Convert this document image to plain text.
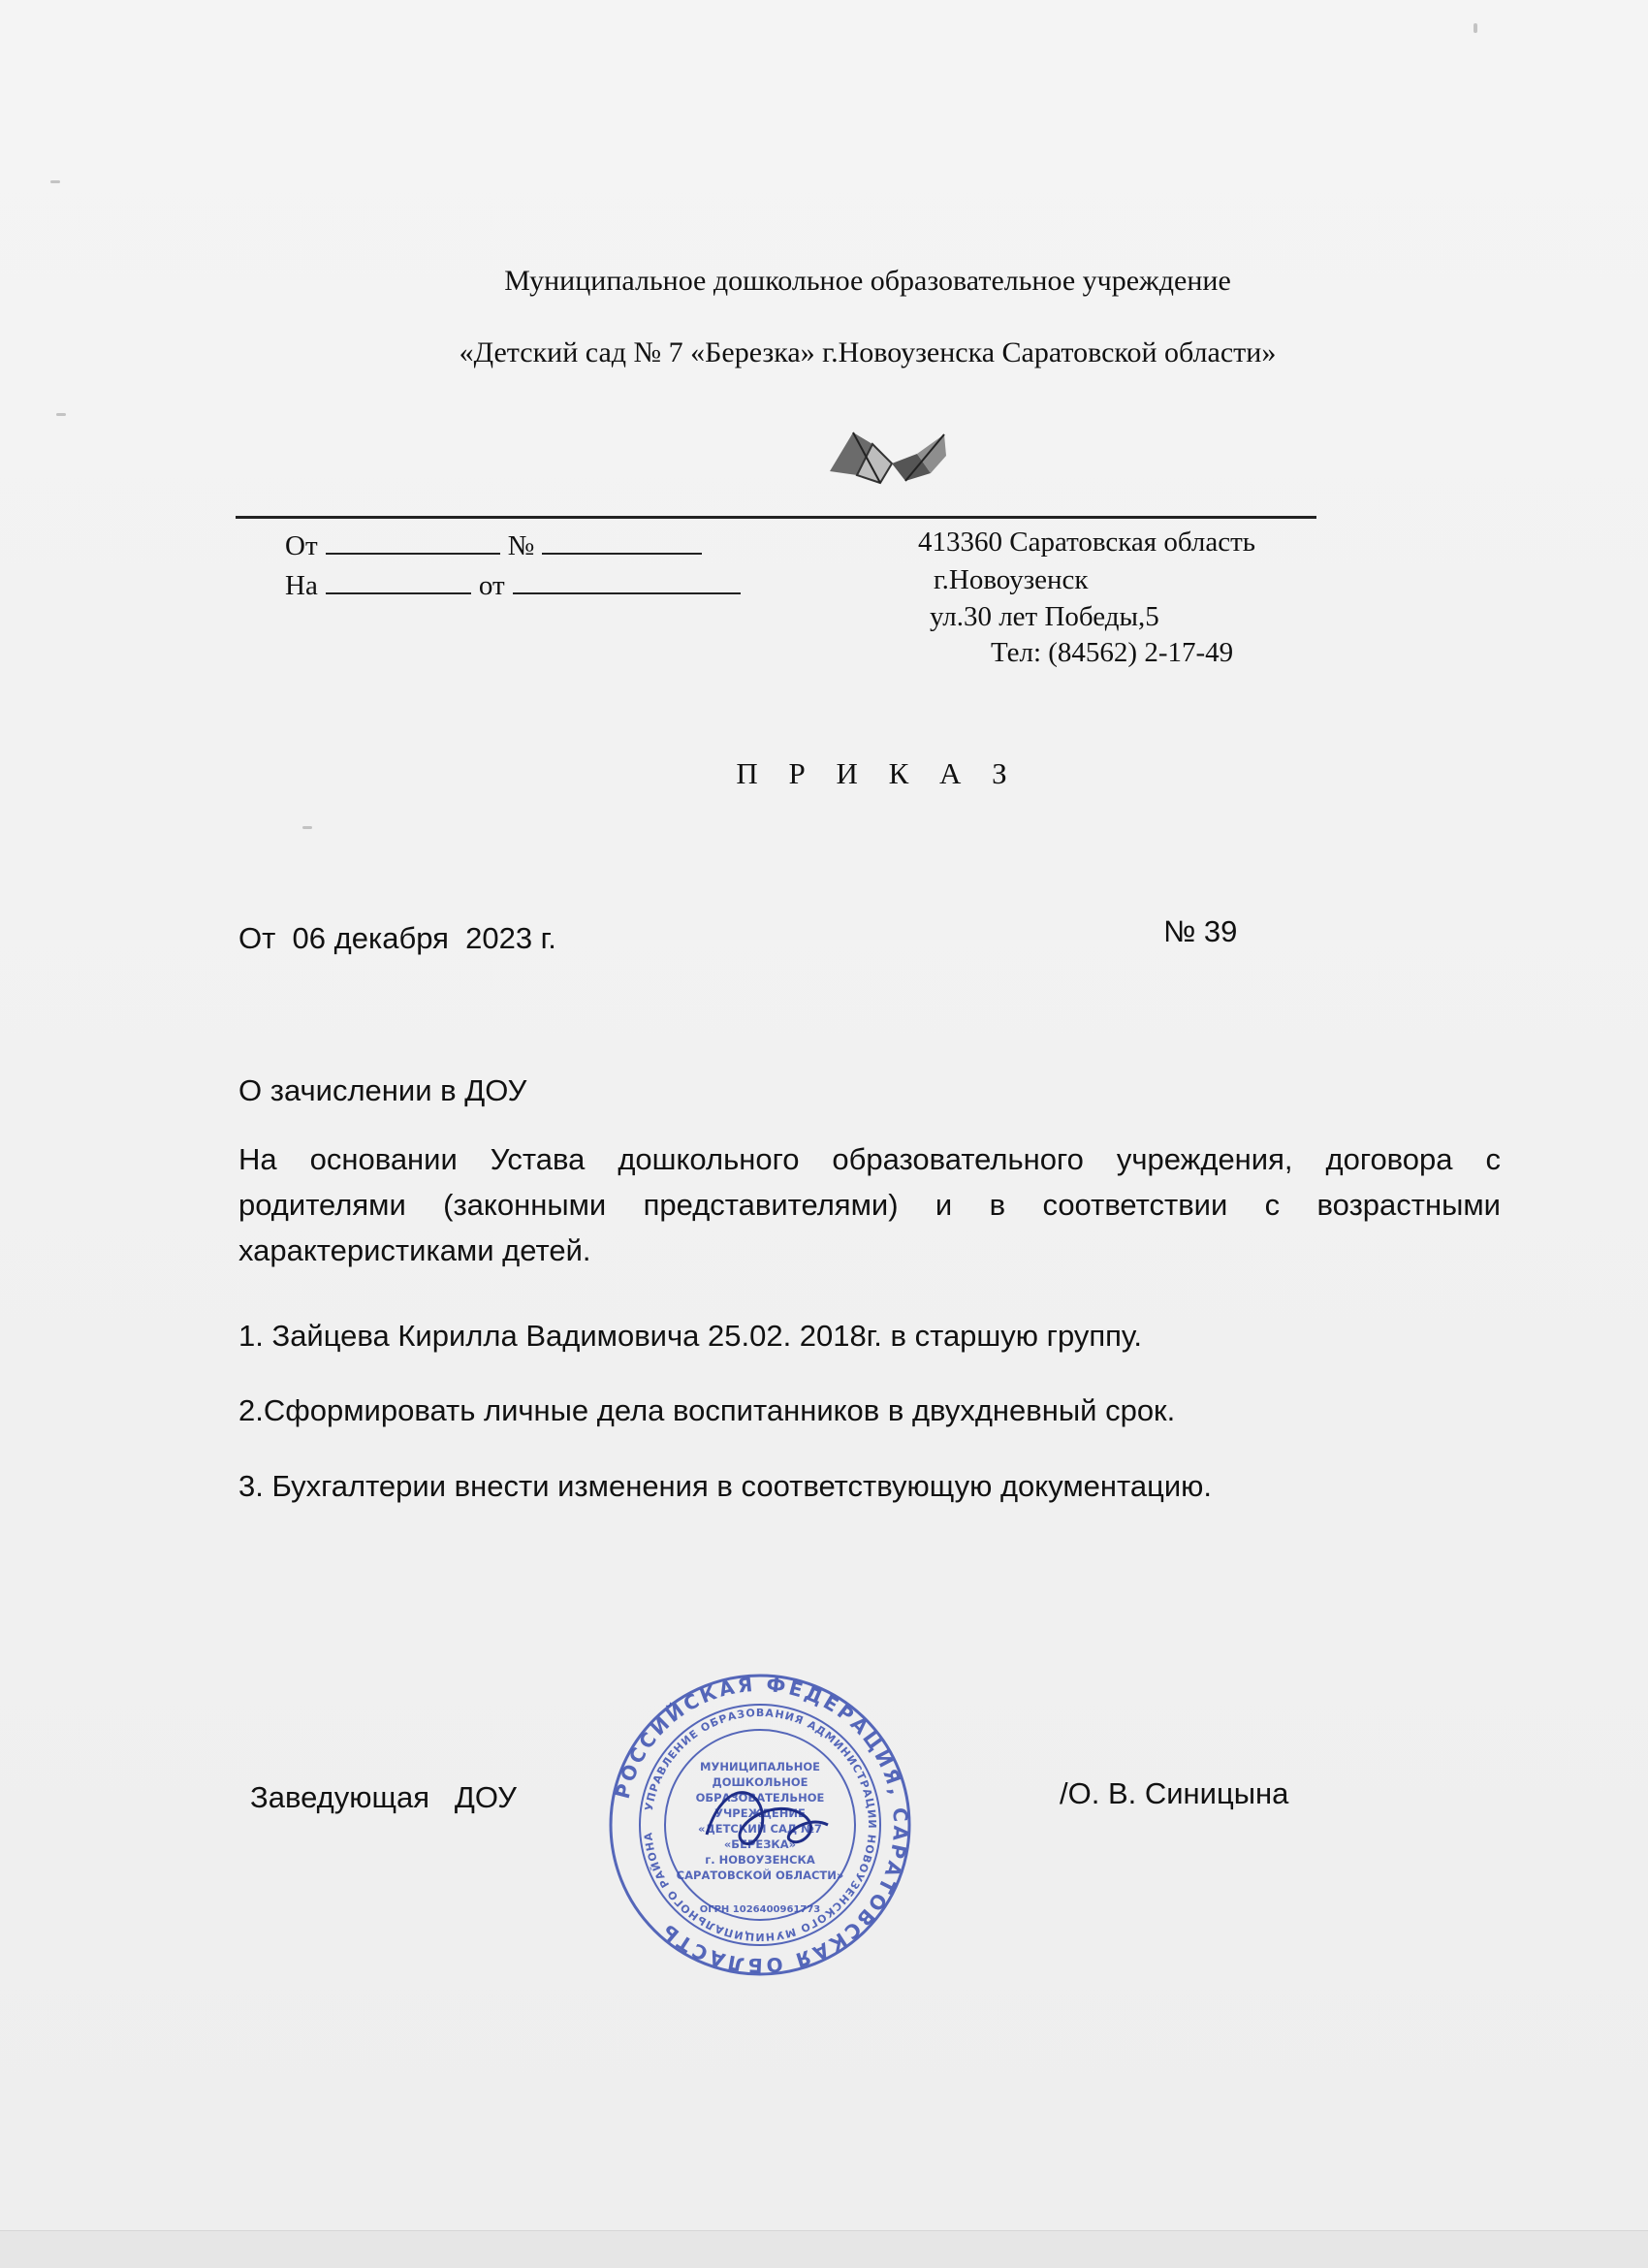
Муниципальное дошкольное образовательное учреждение
«Детский сад № 7 «Березка» г.Новоузенска Саратовской области»
От	№
На	от
413360 Саратовская область
г.Новоузенск
ул.30 лет Победы,5
Тел: (84562) 2-17-49
П Р И К А З
От  06 декабря  2023 г.	№ 39
О зачислении в ДОУ
На основании Устава дошкольного образовательного учреждения, договора с родителями (законными представителями) и в соответствии с возрастными характеристиками детей.
1. Зайцева Кирилла Вадимовича 25.02. 2018г. в старшую группу.
2.Сформировать личные дела воспитанников в двухдневный срок.
3. Бухгалтерии внести изменения в соответствующую документацию.
Заведующая   ДОУ	/О. В. Синицына
РОССИЙСКАЯ ФЕДЕРАЦИЯ, САРАТОВСКАЯ ОБЛАСТЬ
УПРАВЛЕНИЕ ОБРАЗОВАНИЯ АДМИНИСТРАЦИИ НОВОУЗЕНСКОГО МУНИЦИПАЛЬНОГО РАЙОНА
МУНИЦИПАЛЬНОЕ
ДОШКОЛЬНОЕ
ОБРАЗОВАТЕЛЬНОЕ
УЧРЕЖДЕНИЕ
«ДЕТСКИЙ САД №7
«БЕРЕЗКА»
г. НОВОУЗЕНСКА
САРАТОВСКОЙ ОБЛАСТИ»
ОГРН 1026400961773
